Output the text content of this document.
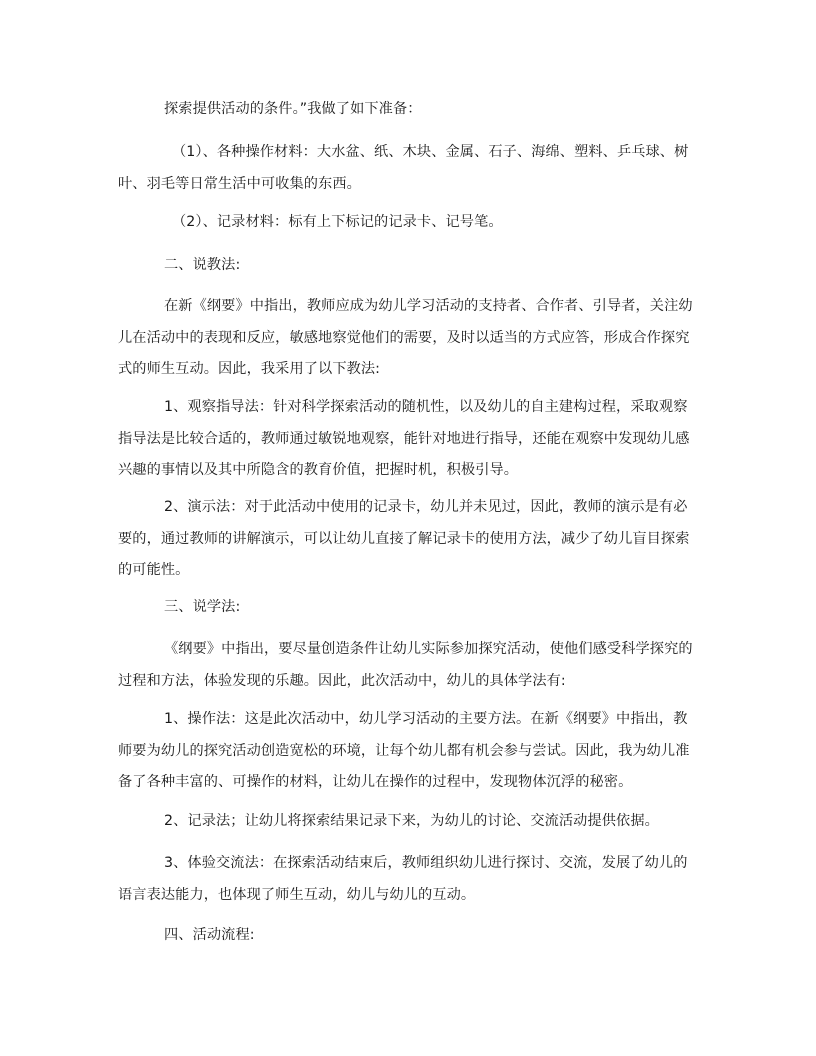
探索提供活动的条件。”我做了如下准备：

（1）、各种操作材料：大水盆、纸、木块、金属、石子、海绵、塑料、乒乓球、树叶、羽毛等日常生活中可收集的东西。

（2）、记录材料：标有上下标记的记录卡、记号笔。

二、说教法:

在新《纲要》中指出，教师应成为幼儿学习活动的支持者、合作者、引导者，关注幼儿在活动中的表现和反应，敏感地察觉他们的需要，及时以适当的方式应答，形成合作探究式的师生互动。因此，我采用了以下教法:

1、观察指导法：针对科学探索活动的随机性，以及幼儿的自主建构过程，采取观察指导法是比较合适的，教师通过敏锐地观察，能针对地进行指导，还能在观察中发现幼儿感兴趣的事情以及其中所隐含的教育价值，把握时机，积极引导。

2、演示法：对于此活动中使用的记录卡，幼儿并未见过，因此，教师的演示是有必要的，通过教师的讲解演示，可以让幼儿直接了解记录卡的使用方法，减少了幼儿盲目探索的可能性。

三、说学法:

《纲要》中指出，要尽量创造条件让幼儿实际参加探究活动，使他们感受科学探究的过程和方法，体验发现的乐趣。因此，此次活动中，幼儿的具体学法有:

1、操作法：这是此次活动中，幼儿学习活动的主要方法。在新《纲要》中指出，教师要为幼儿的探究活动创造宽松的环境，让每个幼儿都有机会参与尝试。因此，我为幼儿准备了各种丰富的、可操作的材料，让幼儿在操作的过程中，发现物体沉浮的秘密。

2、记录法；让幼儿将探索结果记录下来，为幼儿的讨论、交流活动提供依据。

3、体验交流法：在探索活动结束后，教师组织幼儿进行探讨、交流，发展了幼儿的语言表达能力，也体现了师生互动，幼儿与幼儿的互动。

四、活动流程:
